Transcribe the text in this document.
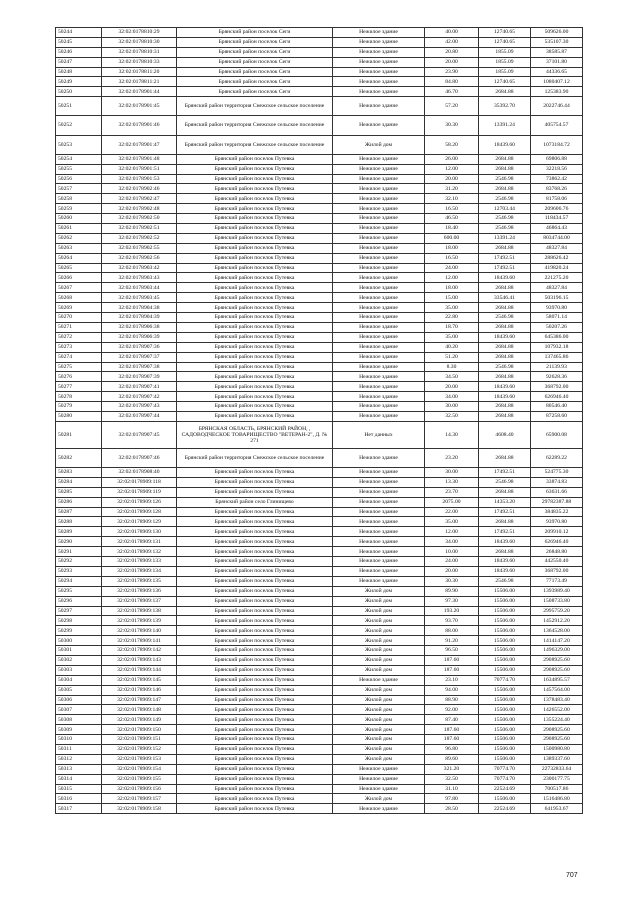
50244	32:02:0178810:29	Брянский район поселок Сеги	Нежилое здание	40.00	12740.65	509626.00
50245	32:02:0178810:30	Брянский район поселок Сеги	Нежилое здание	42.00	12740.65	535107.30
50246	32:02:0178810:31	Брянский район поселок Сеги	Нежилое здание	20.80	1855.09	38585.87
50247	32:02:0178810:33	Брянский район поселок Сеги	Нежилое здание	20.00	1855.09	37101.80
50248	32:02:0178811:20	Брянский район поселок Сеги	Нежилое здание	23.90	1855.09	44336.65
50249	32:02:0178811:21	Брянский район поселок Сеги	Нежилое здание	84.80	12740.65	1080407.12
50250	32:02:0178901:44	Брянский район поселок Сеги	Нежилое здание	46.70	2684.88	125383.90
50251	32:02:0178901:45	Брянский район территория Снежское сельское поселение	Нежилое здание	57.20	35392.70	2022746.44
50252	32:02:0178901:46	Брянский район территория Снежское сельское поселение	Нежилое здание	30.30	13391.24	405754.57
50253	32:02:0178901:47	Брянский район территория Снежское сельское поселение	Жилой дом	58.20	18439.60	1073184.72
50254	32:02:0178901:48	Брянский район поселок Путевка	Нежилое здание	26.00	2684.88	69806.88
50255	32:02:0178901:51	Брянский район поселок Путевка	Нежилое здание	12.00	2684.88	32218.56
50256	32:02:0178901:53	Брянский район поселок Путевка	Нежилое здание	20.00	2546.98	73862.42
50257	32:02:0178902:46	Брянский район поселок Путевка	Нежилое здание	31.20	2684.88	83768.26
50258	32:02:0178902:47	Брянский район поселок Путевка	Нежилое здание	32.10	2546.98	81758.06
50259	32:02:0178902:48	Брянский район поселок Путевка	Нежилое здание	16.50	12703.44	209606.76
50260	32:02:0178902:50	Брянский район поселок Путевка	Нежилое здание	46.50	2546.98	118434.57
50261	32:02:0178902:51	Брянский район поселок Путевка	Нежилое здание	18.40	2546.98	46864.43
50262	32:02:0178902:52	Брянский район поселок Путевка	Нежилое здание	600.00	13391.24	8034744.00
50263	32:02:0178902:55	Брянский район поселок Путевка	Нежилое здание	18.00	2684.88	48327.84
50264	32:02:0178902:56	Брянский район поселок Путевка	Нежилое здание	16.50	17492.51	288626.42
50265	32:02:0178903:42	Брянский район поселок Путевка	Нежилое здание	24.00	17492.51	419820.24
50266	32:02:0178903:43	Брянский район поселок Путевка	Нежилое здание	12.00	18439.60	221275.20
50267	32:02:0178903:44	Брянский район поселок Путевка	Нежилое здание	18.00	2684.88	48327.84
50268	32:02:0178903:45	Брянский район поселок Путевка	Нежилое здание	15.00	33546.41	503196.15
50269	32:02:0178904:38	Брянский район поселок Путевка	Нежилое здание	35.00	2684.88	93970.80
50270	32:02:0178904:39	Брянский район поселок Путевка	Нежилое здание	22.80	2546.98	58071.14
50271	32:02:0178906:38	Брянский район поселок Путевка	Нежилое здание	18.70	2684.88	50207.26
50272	32:02:0178906:39	Брянский район поселок Путевка	Нежилое здание	35.00	18439.60	645386.00
50273	32:02:0178907:36	Брянский район поселок Путевка	Нежилое здание	40.20	2684.88	107932.18
50274	32:02:0178907:37	Брянский район поселок Путевка	Нежилое здание	51.20	2684.88	137465.86
50275	32:02:0178907:38	Брянский район поселок Путевка	Нежилое здание	8.30	2546.98	21139.93
50276	32:02:0178907:39	Брянский район поселок Путевка	Нежилое здание	34.50	2684.88	92628.36
50277	32:02:0178907:41	Брянский район поселок Путевка	Нежилое здание	20.00	18439.60	368792.00
50278	32:02:0178907:42	Брянский район поселок Путевка	Нежилое здание	34.00	18439.60	626946.40
50279	32:02:0178907:43	Брянский район поселок Путевка	Нежилое здание	30.00	2684.88	80546.40
50280	32:02:0178907:44	Брянский район поселок Путевка	Нежилое здание	32.50	2684.88	87258.60
50281	32:02:0178907:45	БРЯНСКАЯ ОБЛАСТЬ, БРЯНСКИЙ РАЙОН, , САДОВОДЧЕСКОЕ ТОВАРИЩЕСТВО "ВЕТЕРАН-2", Д. № 271	Нет данных	14.30	4608.40	65900.08
50282	32:02:0178907:46	Брянский район территория Снежское сельское поселение	Нежилое здание	23.20	2684.88	62289.22
50283	32:02:0178908:40	Брянский район поселок Путевка	Нежилое здание	30.00	17492.51	524775.30
50284	32:02:0178909:118	Брянский район поселок Путевка	Нежилое здание	13.30	2546.98	33874.83
50285	32:02:0178909:119	Брянский район поселок Путевка	Нежилое здание	23.70	2684.88	63631.66
50286	32:02:0178909:126	Брянский район село Глинищево	Нежилое здание	2075.00	14353.20	29782387.88
50287	32:02:0178909:128	Брянский район поселок Путевка	Нежилое здание	22.00	17492.51	384835.22
50288	32:02:0178909:129	Брянский район поселок Путевка	Нежилое здание	35.00	2684.88	93970.80
50289	32:02:0178909:130	Брянский район поселок Путевка	Нежилое здание	12.00	17492.51	209910.12
50290	32:02:0178909:131	Брянский район поселок Путевка	Нежилое здание	34.00	18439.60	626946.40
50291	32:02:0178909:132	Брянский район поселок Путевка	Нежилое здание	10.00	2684.88	26848.80
50292	32:02:0178909:133	Брянский район поселок Путевка	Нежилое здание	24.00	18439.60	442550.40
50293	32:02:0178909:134	Брянский район поселок Путевка	Нежилое здание	20.00	18439.60	368792.00
50294	32:02:0178909:135	Брянский район поселок Путевка	Нежилое здание	30.30	2546.98	77173.49
50295	32:02:0178909:136	Брянский район поселок Путевка	Жилой дом	89.90	15506.00	1393989.40
50296	32:02:0178909:137	Брянский район поселок Путевка	Жилой дом	97.30	15506.00	1508733.80
50297	32:02:0178909:138	Брянский район поселок Путевка	Жилой дом	193.20	15506.00	2995759.20
50298	32:02:0178909:139	Брянский район поселок Путевка	Жилой дом	93.70	15506.00	1452912.20
50299	32:02:0178909:140	Брянский район поселок Путевка	Жилой дом	88.00	15506.00	1364528.00
50300	32:02:0178909:141	Брянский район поселок Путевка	Жилой дом	91.20	15506.00	1414147.20
50301	32:02:0178909:142	Брянский район поселок Путевка	Жилой дом	96.50	15506.00	1496329.00
50302	32:02:0178909:143	Брянский район поселок Путевка	Жилой дом	187.60	15506.00	2908925.60
50303	32:02:0178909:144	Брянский район поселок Путевка	Жилой дом	187.60	15506.00	2908925.60
50304	32:02:0178909:145	Брянский район поселок Путевка	Нежилое здание	23.10	70774.70	1634895.57
50305	32:02:0178909:146	Брянский район поселок Путевка	Жилой дом	94.00	15506.00	1457564.00
50306	32:02:0178909:147	Брянский район поселок Путевка	Жилой дом	88.90	15506.00	1378483.40
50307	32:02:0178909:148	Брянский район поселок Путевка	Жилой дом	92.00	15506.00	1426552.00
50308	32:02:0178909:149	Брянский район поселок Путевка	Жилой дом	87.40	15506.00	1355224.40
50309	32:02:0178909:150	Брянский район поселок Путевка	Жилой дом	187.60	15506.00	2908925.60
50310	32:02:0178909:151	Брянский район поселок Путевка	Жилой дом	187.60	15506.00	2908925.60
50311	32:02:0178909:152	Брянский район поселок Путевка	Жилой дом	96.80	15506.00	1500980.80
50312	32:02:0178909:153	Брянский район поселок Путевка	Жилой дом	89.60	15506.00	1389337.60
50313	32:02:0178909:154	Брянский район поселок Путевка	Нежилое здание	321.20	70774.70	22732833.64
50314	32:02:0178909:155	Брянский район поселок Путевка	Нежилое здание	32.50	70774.70	2300177.75
50315	32:02:0178909:156	Брянский район поселок Путевка	Нежилое здание	31.10	22524.69	700517.86
50316	32:02:0178909:157	Брянский район поселок Путевка	Жилой дом	97.80	15506.00	1516486.80
50317	32:02:0178909:158	Брянский район поселок Путевка	Нежилое здание	28.50	22524.69	641953.67
707
